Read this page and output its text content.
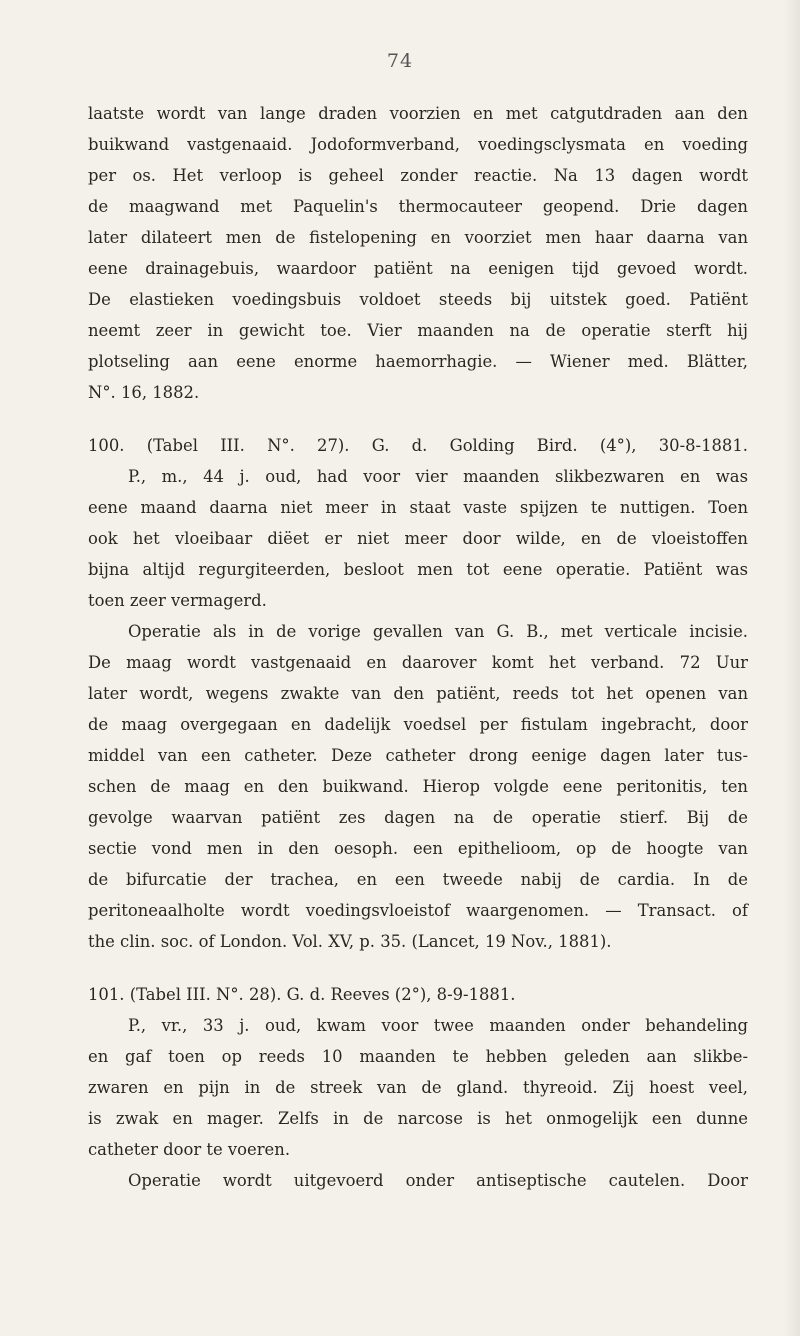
74

laatste wordt van lange draden voorzien en met catgutdraden aan den

buikwand vastgenaaid. Jodoformverband, voedingsclysmata en voeding

per os. Het verloop is geheel zonder reactie. Na 13 dagen wordt

de maagwand met Paquelin's thermocauteer geopend. Drie dagen

later dilateert men de fistelopening en voorziet men haar daarna van

eene drainagebuis, waardoor patiënt na eenigen tijd gevoed wordt.

De elastieken voedingsbuis voldoet steeds bij uitstek goed. Patiënt

neemt zeer in gewicht toe. Vier maanden na de operatie sterft hij

plotseling aan eene enorme haemorrhagie. — Wiener med. Blätter,

N°. 16, 1882.

100. (Tabel III. N°. 27). G. d. Golding Bird. (4°), 30-8-1881.

P., m., 44 j. oud, had voor vier maanden slikbezwaren en was

eene maand daarna niet meer in staat vaste spijzen te nuttigen. Toen

ook het vloeibaar diëet er niet meer door wilde, en de vloeistoffen

bijna altijd regurgiteerden, besloot men tot eene operatie. Patiënt was

toen zeer vermagerd.

Operatie als in de vorige gevallen van G. B., met verticale incisie.

De maag wordt vastgenaaid en daarover komt het verband. 72 Uur

later wordt, wegens zwakte van den patiënt, reeds tot het openen van

de maag overgegaan en dadelijk voedsel per fistulam ingebracht, door

middel van een catheter. Deze catheter drong eenige dagen later tus-

schen de maag en den buikwand. Hierop volgde eene peritonitis, ten

gevolge waarvan patiënt zes dagen na de operatie stierf. Bij de

sectie vond men in den oesoph. een epithelioom, op de hoogte van

de bifurcatie der trachea, en een tweede nabij de cardia. In de

peritoneaalholte wordt voedingsvloeistof waargenomen. — Transact. of

the clin. soc. of London. Vol. XV, p. 35. (Lancet, 19 Nov., 1881).

101. (Tabel III. N°. 28). G. d. Reeves (2°), 8-9-1881.

P., vr., 33 j. oud, kwam voor twee maanden onder behandeling

en gaf toen op reeds 10 maanden te hebben geleden aan slikbe-

zwaren en pijn in de streek van de gland. thyreoid. Zij hoest veel,

is zwak en mager. Zelfs in de narcose is het onmogelijk een dunne

catheter door te voeren.

Operatie wordt uitgevoerd onder antiseptische cautelen. Door
